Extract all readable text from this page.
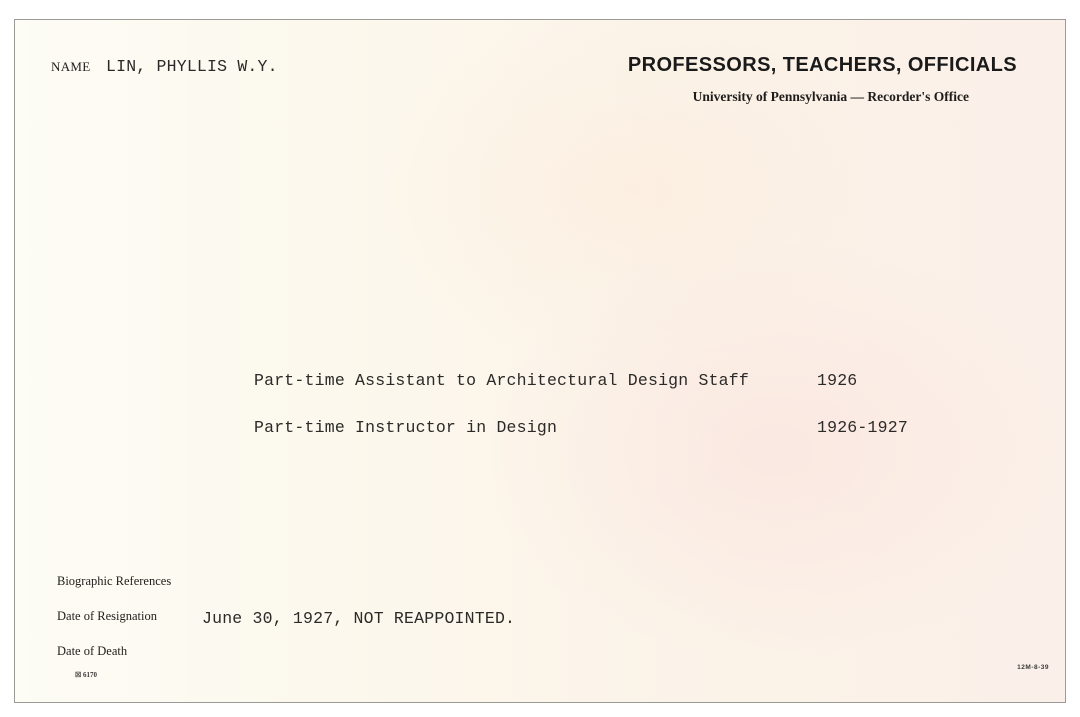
NAME LIN, PHYLLIS W.Y.	PROFESSORS, TEACHERS, OFFICIALS
University of Pennsylvania — Recorder's Office
Part-time Assistant to Architectural Design Staff	1926
Part-time Instructor in Design	1926-1927
Biographic References
Date of Resignation	June 30, 1927, NOT REAPPOINTED.
Date of Death
☒ 6170
12M-8-39
